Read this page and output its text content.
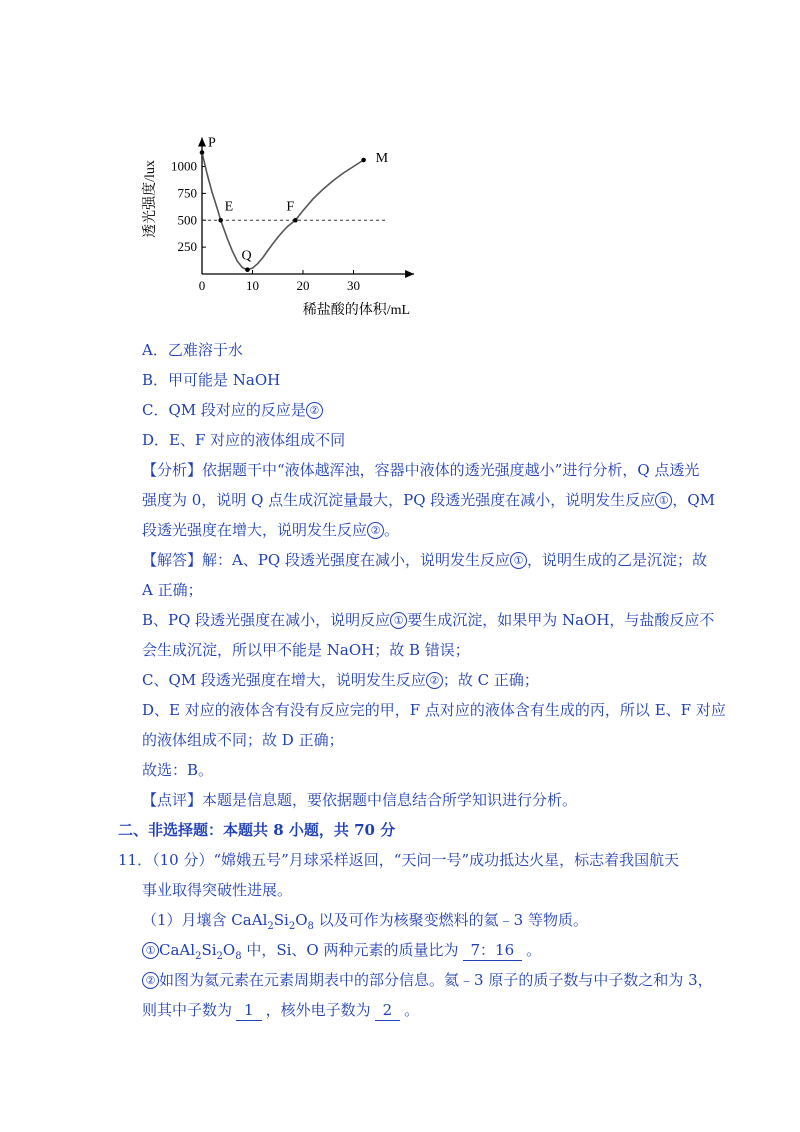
0	10	20	30
250
500
750
1000
P
E
Q
F
M
稀盐酸的体积/mL
透光强度/lux
A．乙难溶于水
B．甲可能是 NaOH
C．QM 段对应的反应是 ②
D．E、F 对应的液体组成不同
【分析】依据题干中“液体越浑浊，容器中液体的透光强度越小”进行分析，Q 点透光
强度为 0，说明 Q 点生成沉淀量最大，PQ 段透光强度在减小，说明发生反应 ① ，QM
段透光强度在增大，说明发生反应 ② 。
【解答】解：A、PQ 段透光强度在减小，说明发生反应 ① ，说明生成的乙是沉淀；故
A 正确；
B、PQ 段透光强度在减小，说明反应 ① 要生成沉淀，如果甲为 NaOH，与盐酸反应不
会生成沉淀，所以甲不能是 NaOH；故 B 错误；
C、QM 段透光强度在增大，说明发生反应 ② ；故 C 正确；
D、E 对应的液体含有没有反应完的甲，F 点对应的液体含有生成的丙，所以 E、F 对应
的液体组成不同；故 D 正确；
故选：B。
【点评】本题是信息题，要依据题中信息结合所学知识进行分析。
二、非选择题：本题共 8 小题，共 70 分
11．（10 分）“嫦娥五号”月球采样返回，“天问一号”成功抵达火星，标志着我国航天
事业取得突破性进展。
（1）月壤含 $CaAl_2Si_2O_8$ 以及可作为核聚变燃料的氦﹣3 等物质。
① $CaAl_2Si_2O_8$ 中，Si、O 两种元素的质量比为 7：16 。
② 如图为氦元素在元素周期表中的部分信息。氦﹣3 原子的质子数与中子数之和为 3，
则其中子数为 1 ，核外电子数为 2 。
